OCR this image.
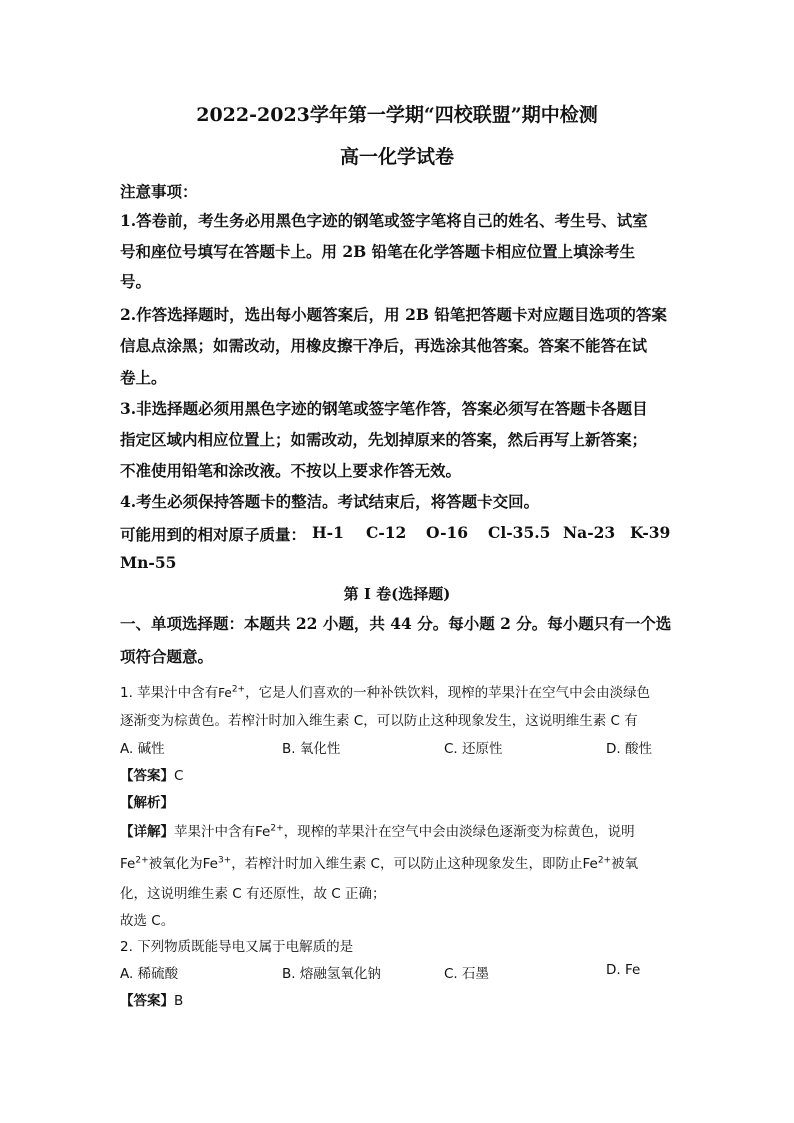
2022-2023学年第一学期“四校联盟”期中检测
高一化学试卷
注意事项：
1.答卷前，考生务必用黑色字迹的钢笔或签字笔将自己的姓名、考生号、试室
号和座位号填写在答题卡上。用 2B 铅笔在化学答题卡相应位置上填涂考生
号。
2.作答选择题时，选出每小题答案后，用 2B 铅笔把答题卡对应题目选项的答案
信息点涂黑；如需改动，用橡皮擦干净后，再选涂其他答案。答案不能答在试
卷上。
3.非选择题必须用黑色字迹的钢笔或签字笔作答，答案必须写在答题卡各题目
指定区域内相应位置上；如需改动，先划掉原来的答案，然后再写上新答案；
不准使用铅笔和涂改液。不按以上要求作答无效。
4.考生必须保持答题卡的整洁。考试结束后，将答题卡交回。
可能用到的相对原子质量： H-1 C-12 O-16 Cl-35.5 Na-23 K-39
Mn-55
第 I 卷(选择题)
一、单项选择题：本题共 22 小题，共 44 分。每小题 2 分。每小题只有一个选
项符合题意。
1. 苹果汁中含有$Fe^{2+}$，它是人们喜欢的一种补铁饮料，现榨的苹果汁在空气中会由淡绿色
逐渐变为棕黄色。若榨汁时加入维生素 C，可以防止这种现象发生，这说明维生素 C 有
A. 碱性	B. 氧化性	C. 还原性	D. 酸性
【答案】C
【解析】
【详解】苹果汁中含有$Fe^{2+}$，现榨的苹果汁在空气中会由淡绿色逐渐变为棕黄色，说明
$Fe^{2+}$被氧化为$Fe^{3+}$，若榨汁时加入维生素 C，可以防止这种现象发生，即防止$Fe^{2+}$被氧
化，这说明维生素 C 有还原性，故 C 正确；
故选 C。
2. 下列物质既能导电又属于电解质的是
A. 稀硫酸	B. 熔融氢氧化钠	C. 石墨	D. Fe
【答案】B
